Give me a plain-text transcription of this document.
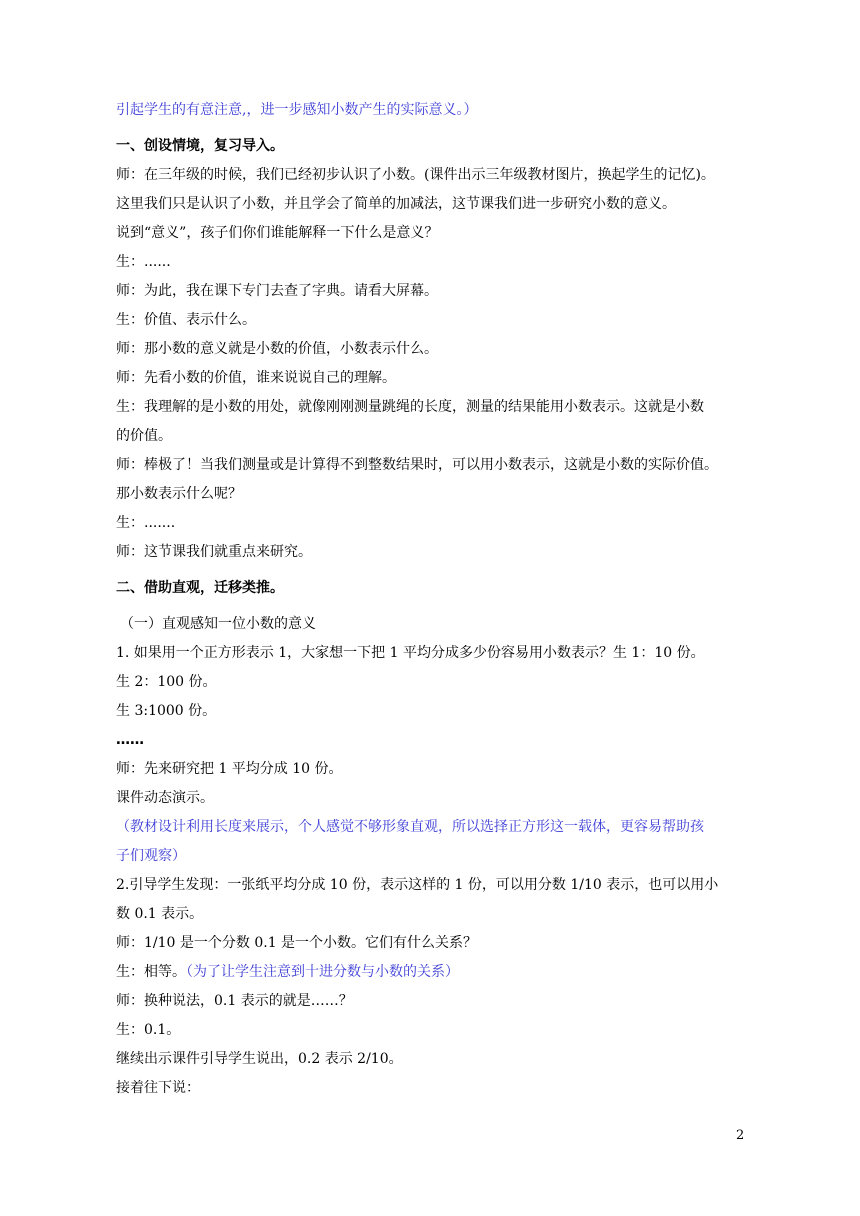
引起学生的有意注意,，进一步感知小数产生的实际意义。）

一、创设情境，复习导入。

师：在三年级的时候，我们已经初步认识了小数。(课件出示三年级教材图片，换起学生的记忆)。

这里我们只是认识了小数，并且学会了简单的加减法，这节课我们进一步研究小数的意义。

说到“意义”，孩子们你们谁能解释一下什么是意义？

生：......

师：为此，我在课下专门去查了字典。请看大屏幕。

生：价值、表示什么。

师：那小数的意义就是小数的价值，小数表示什么。

师：先看小数的价值，谁来说说自己的理解。

生：我理解的是小数的用处，就像刚刚测量跳绳的长度，测量的结果能用小数表示。这就是小数

的价值。

师：棒极了！当我们测量或是计算得不到整数结果时，可以用小数表示，这就是小数的实际价值。

那小数表示什么呢？

生：.......

师：这节课我们就重点来研究。

二、借助直观，迁移类推。

（一）直观感知一位小数的意义

1. 如果用一个正方形表示 1，大家想一下把 1 平均分成多少份容易用小数表示？生 1：10 份。

生 2：100 份。

生 3:1000 份。

……

师：先来研究把 1 平均分成 10 份。

课件动态演示。

（教材设计利用长度来展示，个人感觉不够形象直观，所以选择正方形这一载体，更容易帮助孩

子们观察）

2.引导学生发现：一张纸平均分成 10 份，表示这样的 1 份，可以用分数 1/10 表示，也可以用小

数 0.1 表示。

师：1/10 是一个分数 0.1 是一个小数。它们有什么关系？

生：相等。（为了让学生注意到十进分数与小数的关系）

师：换种说法，0.1 表示的就是……？

生：0.1。

继续出示课件引导学生说出，0.2 表示 2/10。

接着往下说：

2
